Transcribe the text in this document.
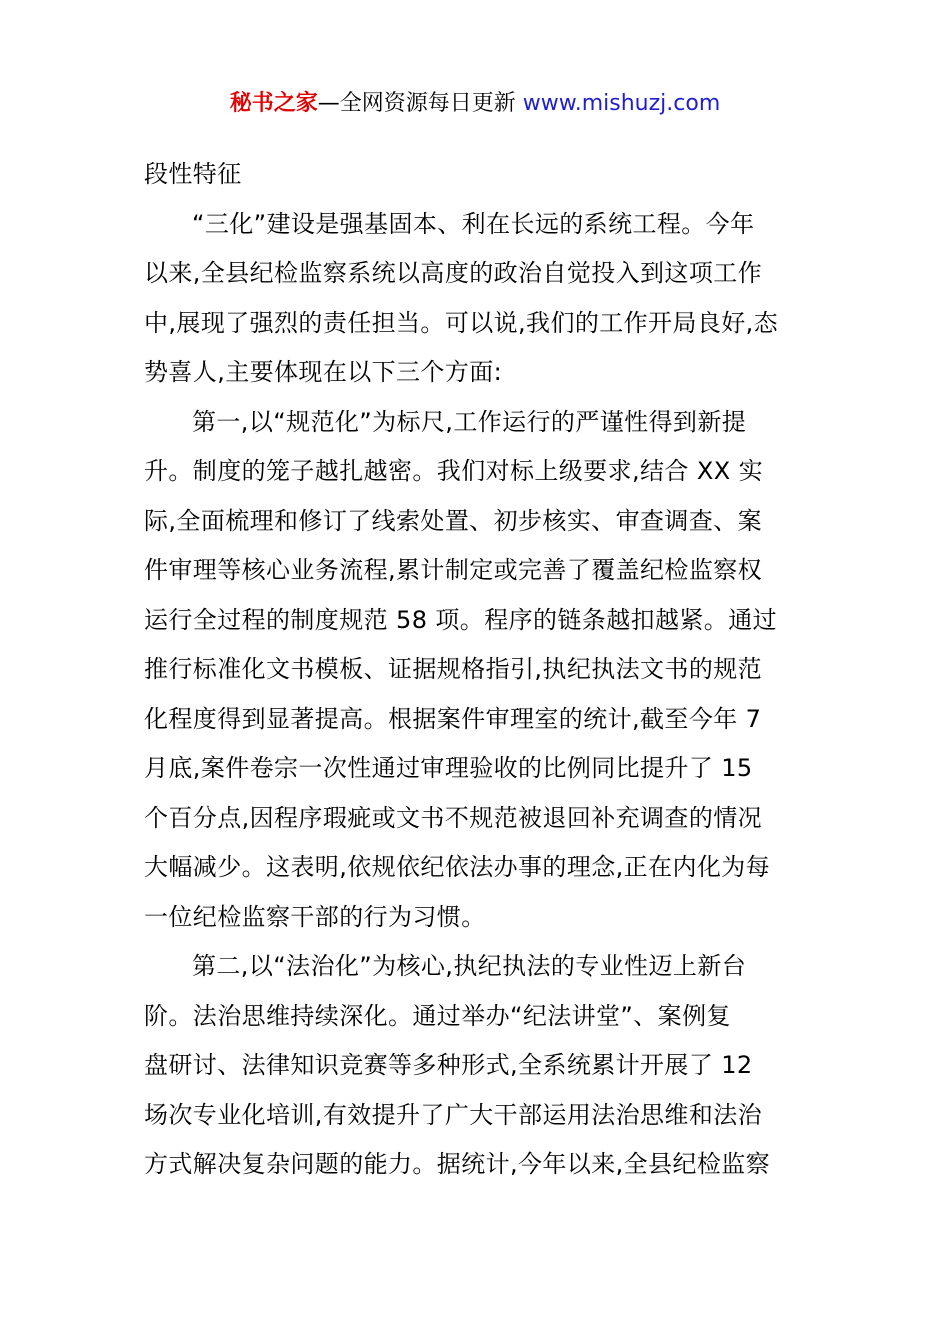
秘书之家—全网资源每日更新 www.mishuzj.com
段性特征
“三化”建设是强基固本、利在长远的系统工程。今年
以来,全县纪检监察系统以高度的政治自觉投入到这项工作
中,展现了强烈的责任担当。可以说,我们的工作开局良好,态
势喜人,主要体现在以下三个方面:
第一,以“规范化”为标尺,工作运行的严谨性得到新提
升。制度的笼子越扎越密。我们对标上级要求,结合 XX 实
际,全面梳理和修订了线索处置、初步核实、审查调查、案
件审理等核心业务流程,累计制定或完善了覆盖纪检监察权
运行全过程的制度规范 58 项。程序的链条越扣越紧。通过
推行标准化文书模板、证据规格指引,执纪执法文书的规范
化程度得到显著提高。根据案件审理室的统计,截至今年 7
月底,案件卷宗一次性通过审理验收的比例同比提升了 15
个百分点,因程序瑕疵或文书不规范被退回补充调查的情况
大幅减少。这表明,依规依纪依法办事的理念,正在内化为每
一位纪检监察干部的行为习惯。
第二,以“法治化”为核心,执纪执法的专业性迈上新台
阶。法治思维持续深化。通过举办“纪法讲堂”、案例复
盘研讨、法律知识竞赛等多种形式,全系统累计开展了 12
场次专业化培训,有效提升了广大干部运用法治思维和法治
方式解决复杂问题的能力。据统计,今年以来,全县纪检监察
